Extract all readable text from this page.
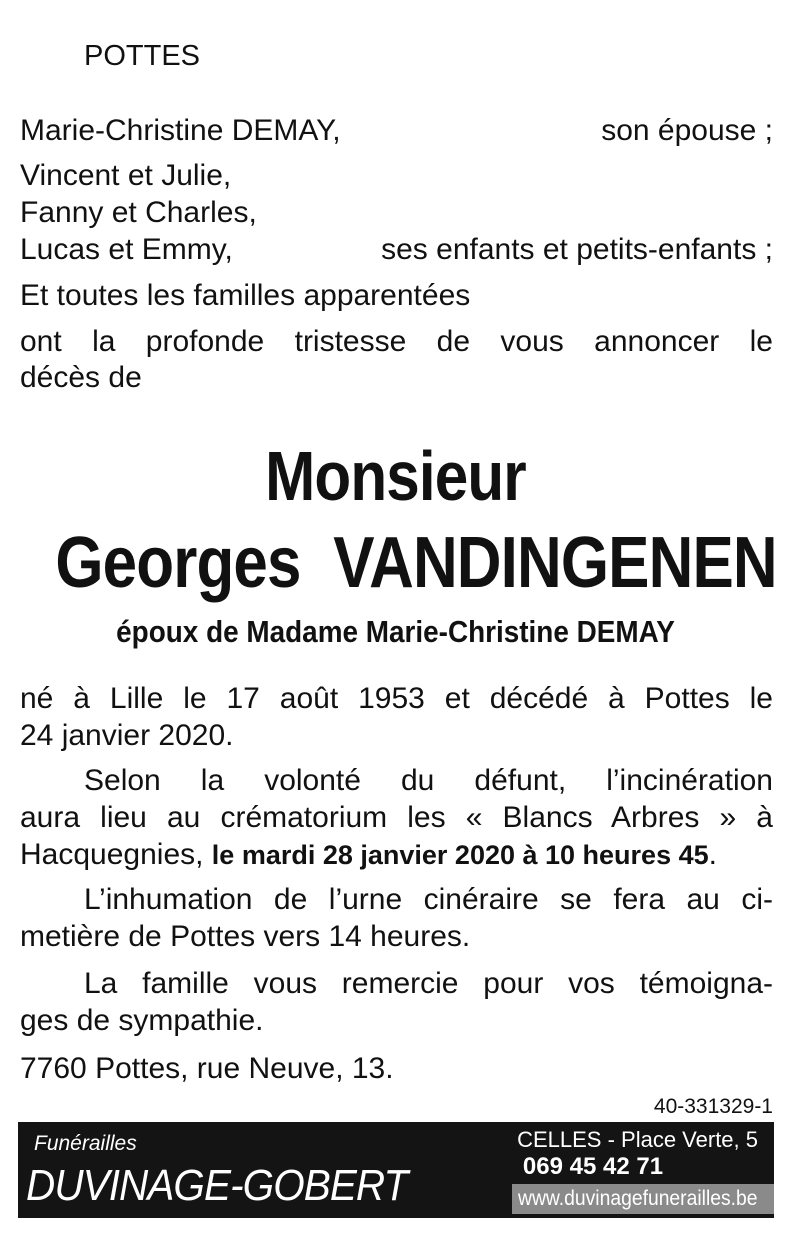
POTTES
Marie-Christine DEMAY,	son épouse ;
Vincent et Julie,
Fanny et Charles,
Lucas et Emmy,	ses enfants et petits-enfants ;
Et toutes les familles apparentées
ont la profonde tristesse de vous annoncer le
décès de
Monsieur
Georges  VANDINGENEN
époux de Madame Marie-Christine DEMAY
né à Lille le 17 août 1953 et décédé à Pottes le
24 janvier 2020.
Selon la volonté du défunt, l’incinération
aura lieu au crématorium les « Blancs Arbres » à
Hacquegnies, le mardi 28 janvier 2020 à 10 heures 45.
L’inhumation de l’urne cinéraire se fera au ci-
metière de Pottes vers 14 heures.
La famille vous remercie pour vos témoigna-
ges de sympathie.
7760 Pottes, rue Neuve, 13.
40-331329-1
Funérailles
DUVINAGE-GOBERT
CELLES - Place Verte, 5
069 45 42 71
www.duvinagefunerailles.be
